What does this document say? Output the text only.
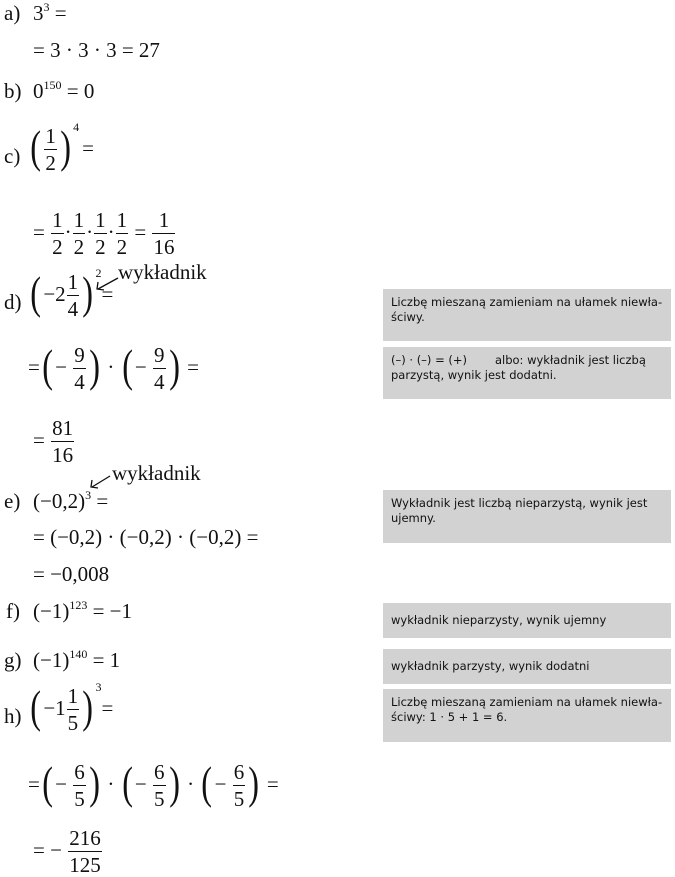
a) $3^3$ =
= 3 · 3 · 3 = 27
b) $0^{150} = 0$
c) ( $\frac{1}{2}$ ) $^4$=
= $\frac{1}{2} \cdot \frac{1}{2} \cdot \frac{1}{2} \cdot \frac{1}{2} = \frac{1}{16}$
d) ( $-2 \frac{1}{4}$ ) $^2$=
wykładnik
=( − $\frac{9}{4}$ ) · ( − $\frac{9}{4}$ ) =
= $\frac{81}{16}$
e)
wykładnik
$(-0,2)^3$ =
= (−0,2) · (−0,2) · (−0,2) =
= −0,008
f) $(-1)^{123} = -1$
g) $(-1)^{140} = 1$
h) ( $-1 \frac{1}{5}$ ) $^3$=
=( − $\frac{6}{5}$ ) · ( − $\frac{6}{5}$ ) · ( − $\frac{6}{5}$ ) =
= − $\frac{216}{125}$
Liczbę mieszaną zamieniam na ułamek niewła-ściwy.
(–) · (–) = (+) albo: wykładnik jest liczbą parzystą, wynik jest dodatni.
Wykładnik jest liczbą nieparzystą, wynik jest ujemny.
wykładnik nieparzysty, wynik ujemny
wykładnik parzysty, wynik dodatni
Liczbę mieszaną zamieniam na ułamek niewła-ściwy: 1 · 5 + 1 = 6.
